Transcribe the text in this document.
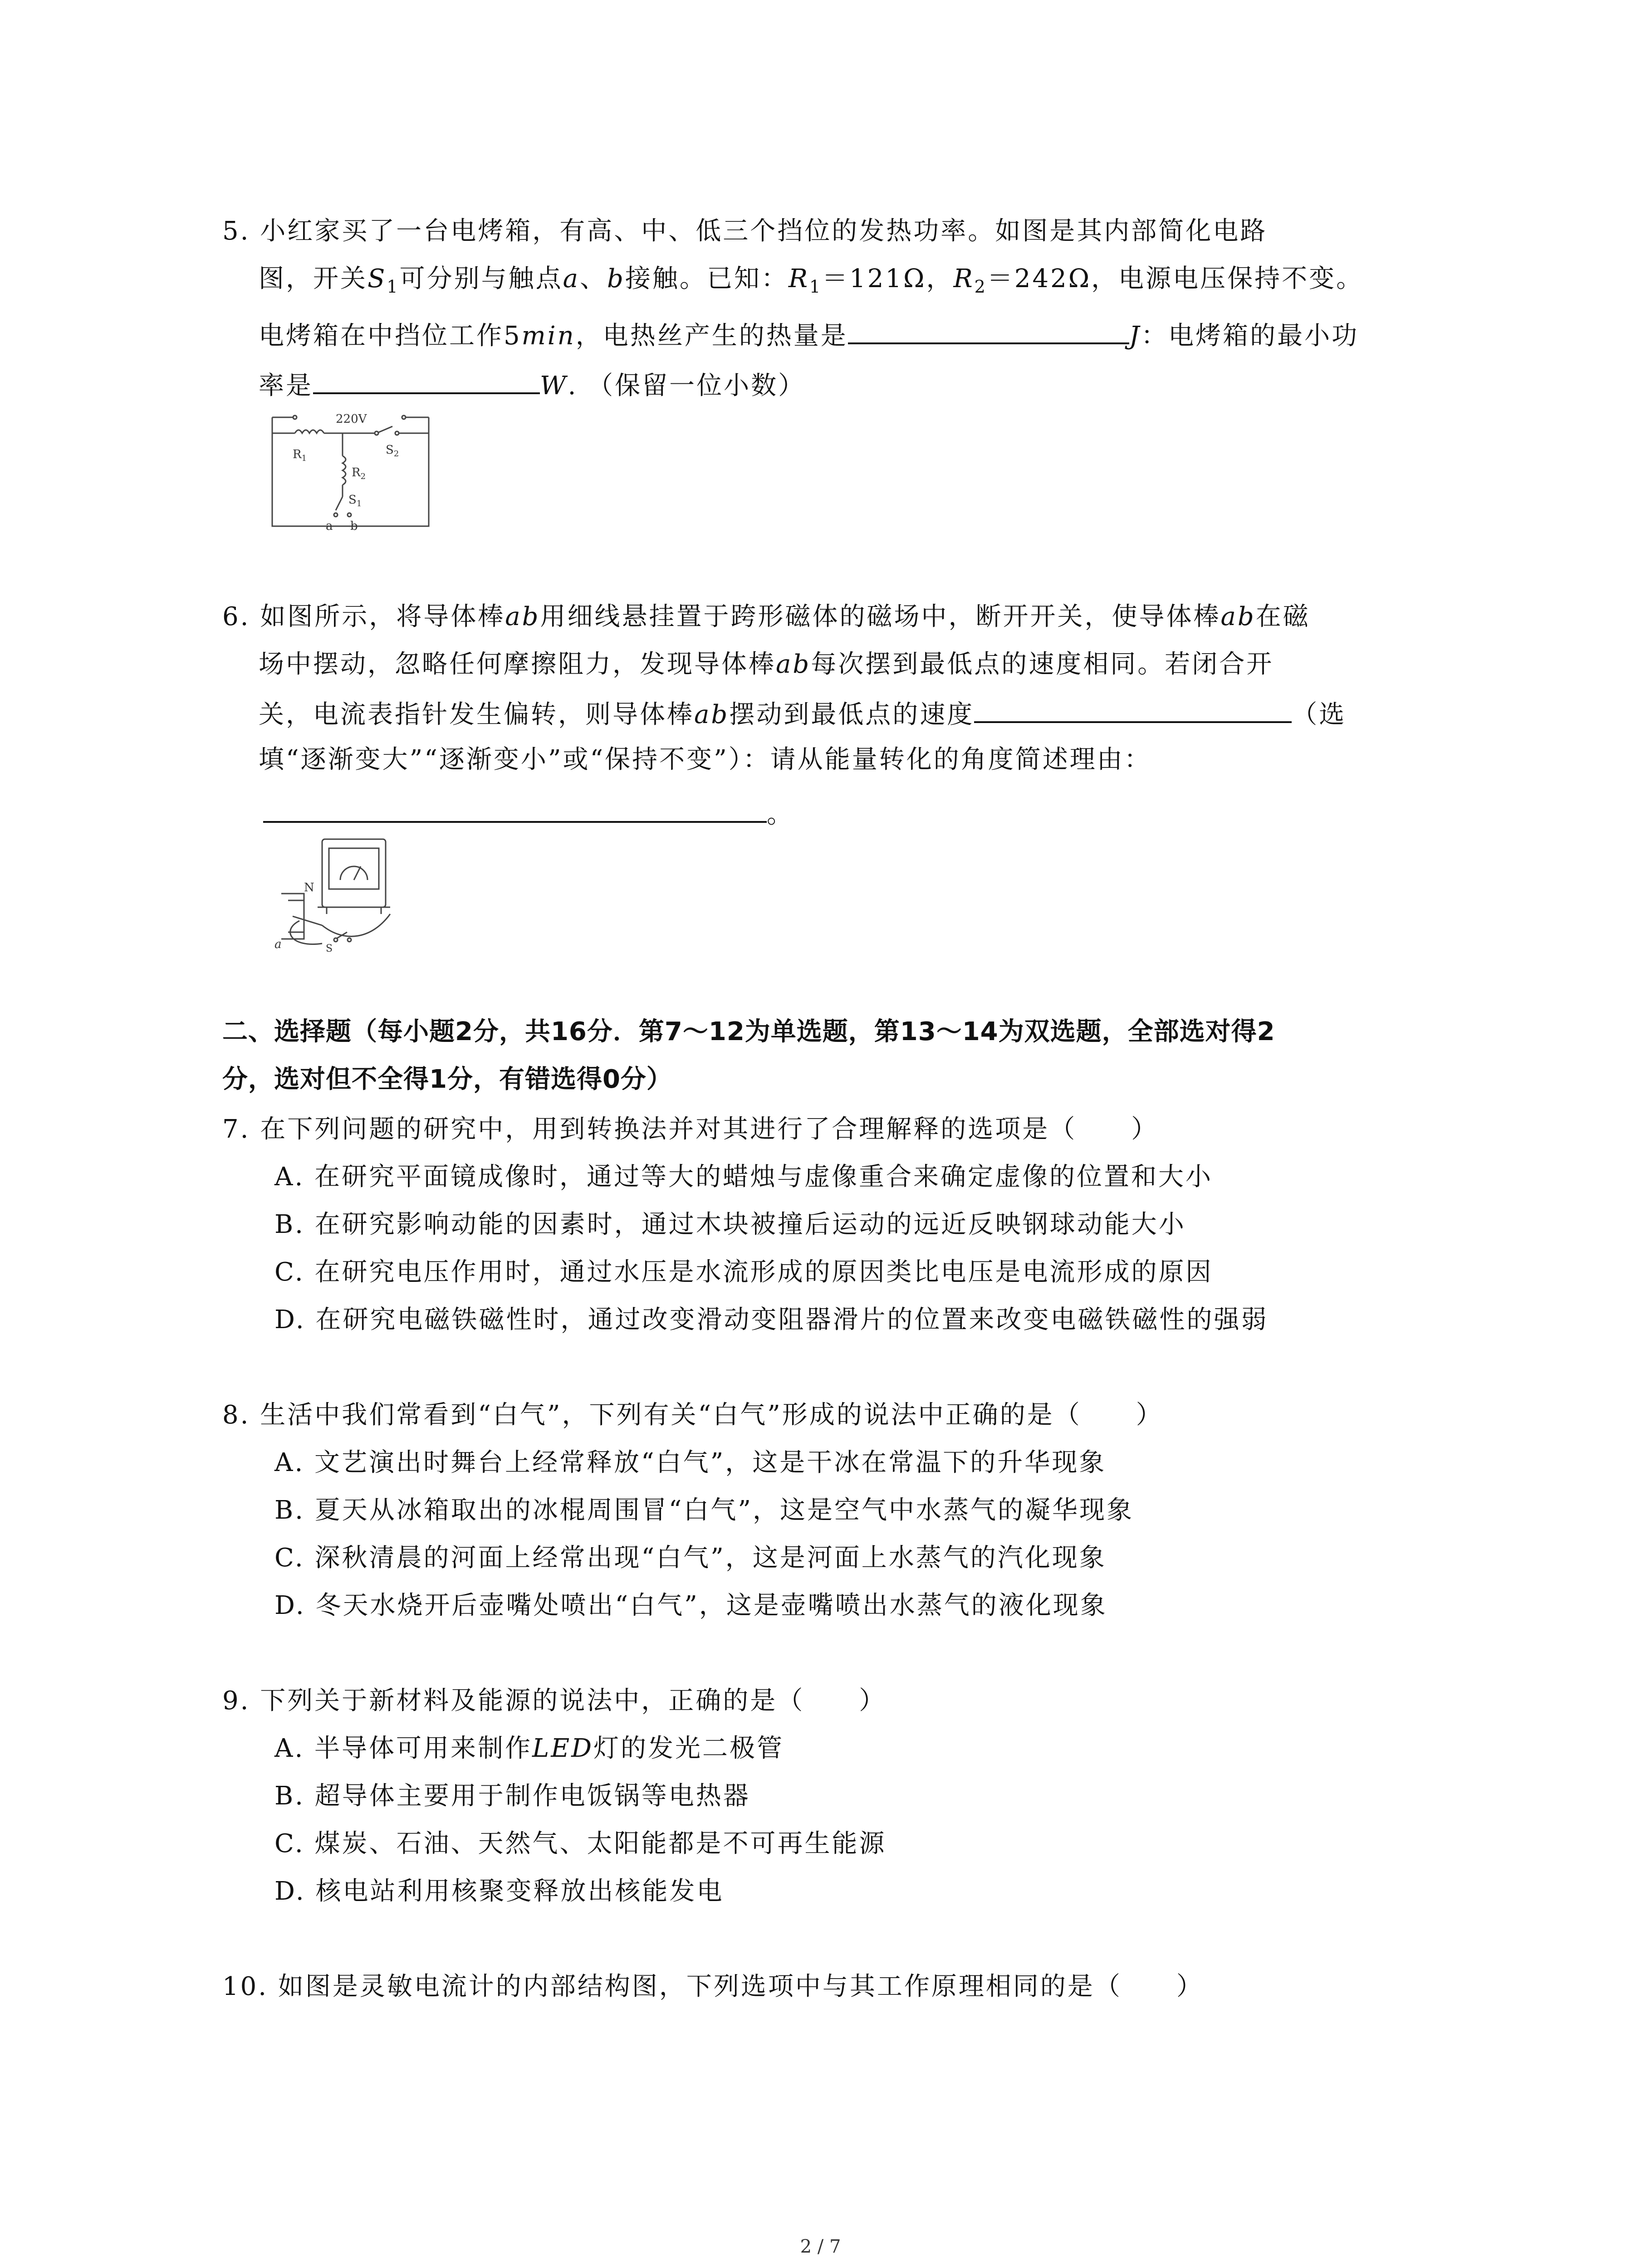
5. 小红家买了一台电烤箱，有高、中、低三个挡位的发热功率。如图是其内部简化电路
图，开关$S_1$可分别与触点a、b接触。已知：$R_1=121\Omega$，$R_2=242\Omega$，电源电压保持不变。
电烤箱在中挡位工作5min，电热丝产生的热量是	J：电烤箱的最小功
率是	W. （保留一位小数）
220V
$R_1$
$R_2$
$S_2$
$S_1$
a b
6. 如图所示，将导体棒ab用细线悬挂置于跨形磁体的磁场中，断开开关，使导体棒ab在磁
场中摆动，忽略任何摩擦阻力，发现导体棒ab每次摆到最低点的速度相同。若闭合开
关，电流表指针发生偏转，则导体棒ab摆动到最低点的速度	（选
填“逐渐变大”“逐渐变小”或“保持不变”）：请从能量转化的角度简述理由：
。
N
a	S
二、选择题（每小题2分，共16分．第7～12为单选题，第13～14为双选题，全部选对得2
分，选对但不全得1分，有错选得0分）
7. 在下列问题的研究中，用到转换法并对其进行了合理解释的选项是（　　）
A. 在研究平面镜成像时，通过等大的蜡烛与虚像重合来确定虚像的位置和大小
B. 在研究影响动能的因素时，通过木块被撞后运动的远近反映钢球动能大小
C. 在研究电压作用时，通过水压是水流形成的原因类比电压是电流形成的原因
D. 在研究电磁铁磁性时，通过改变滑动变阻器滑片的位置来改变电磁铁磁性的强弱
8. 生活中我们常看到“白气”，下列有关“白气”形成的说法中正确的是（　　）
A. 文艺演出时舞台上经常释放“白气”，这是干冰在常温下的升华现象
B. 夏天从冰箱取出的冰棍周围冒“白气”，这是空气中水蒸气的凝华现象
C. 深秋清晨的河面上经常出现“白气”，这是河面上水蒸气的汽化现象
D. 冬天水烧开后壶嘴处喷出“白气”，这是壶嘴喷出水蒸气的液化现象
9. 下列关于新材料及能源的说法中，正确的是（　　）
A. 半导体可用来制作LED灯的发光二极管
B. 超导体主要用于制作电饭锅等电热器
C. 煤炭、石油、天然气、太阳能都是不可再生能源
D. 核电站利用核聚变释放出核能发电
10. 如图是灵敏电流计的内部结构图，下列选项中与其工作原理相同的是（　　）
2 / 7
